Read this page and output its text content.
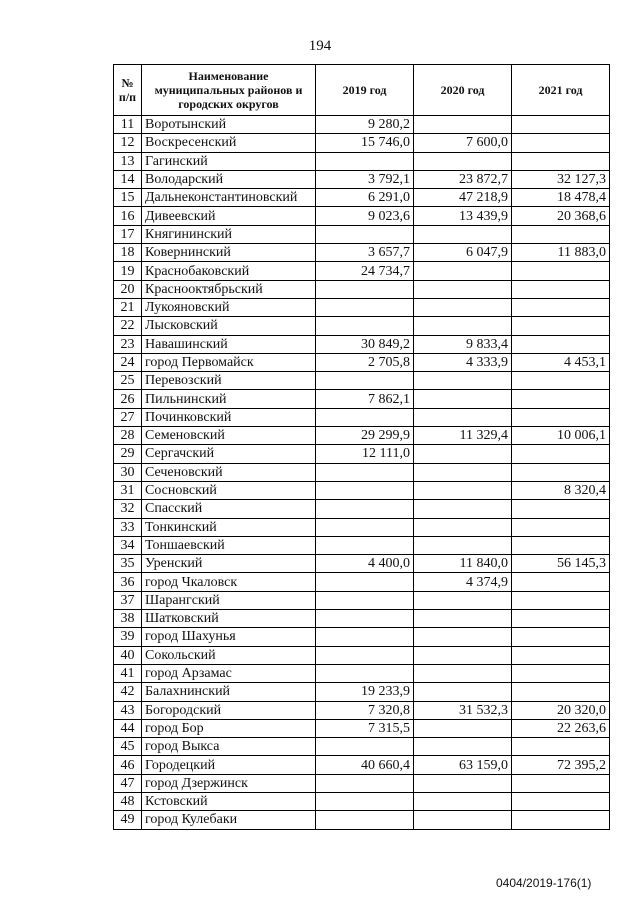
194
№ п/п	Наименование муниципальных районов и городских округов	2019 год	2020 год	2021 год
11	Воротынский	9 280,2		
12	Воскресенский	15 746,0	7 600,0	
13	Гагинский			
14	Володарский	3 792,1	23 872,7	32 127,3
15	Дальнеконстантиновский	6 291,0	47 218,9	18 478,4
16	Дивеевский	9 023,6	13 439,9	20 368,6
17	Княгининский			
18	Ковернинский	3 657,7	6 047,9	11 883,0
19	Краснобаковский	24 734,7		
20	Краснооктябрьский			
21	Лукояновский			
22	Лысковский			
23	Навашинский	30 849,2	9 833,4	
24	город Первомайск	2 705,8	4 333,9	4 453,1
25	Перевозский			
26	Пильнинский	7 862,1		
27	Починковский			
28	Семеновский	29 299,9	11 329,4	10 006,1
29	Сергачский	12 111,0		
30	Сеченовский			
31	Сосновский			8 320,4
32	Спасский			
33	Тонкинский			
34	Тоншаевский			
35	Уренский	4 400,0	11 840,0	56 145,3
36	город Чкаловск		4 374,9	
37	Шарангский			
38	Шатковский			
39	город Шахунья			
40	Сокольский			
41	город Арзамас			
42	Балахнинский	19 233,9		
43	Богородский	7 320,8	31 532,3	20 320,0
44	город Бор	7 315,5		22 263,6
45	город Выкса			
46	Городецкий	40 660,4	63 159,0	72 395,2
47	город Дзержинск			
48	Кстовский			
49	город Кулебаки			
0404/2019-176(1)
